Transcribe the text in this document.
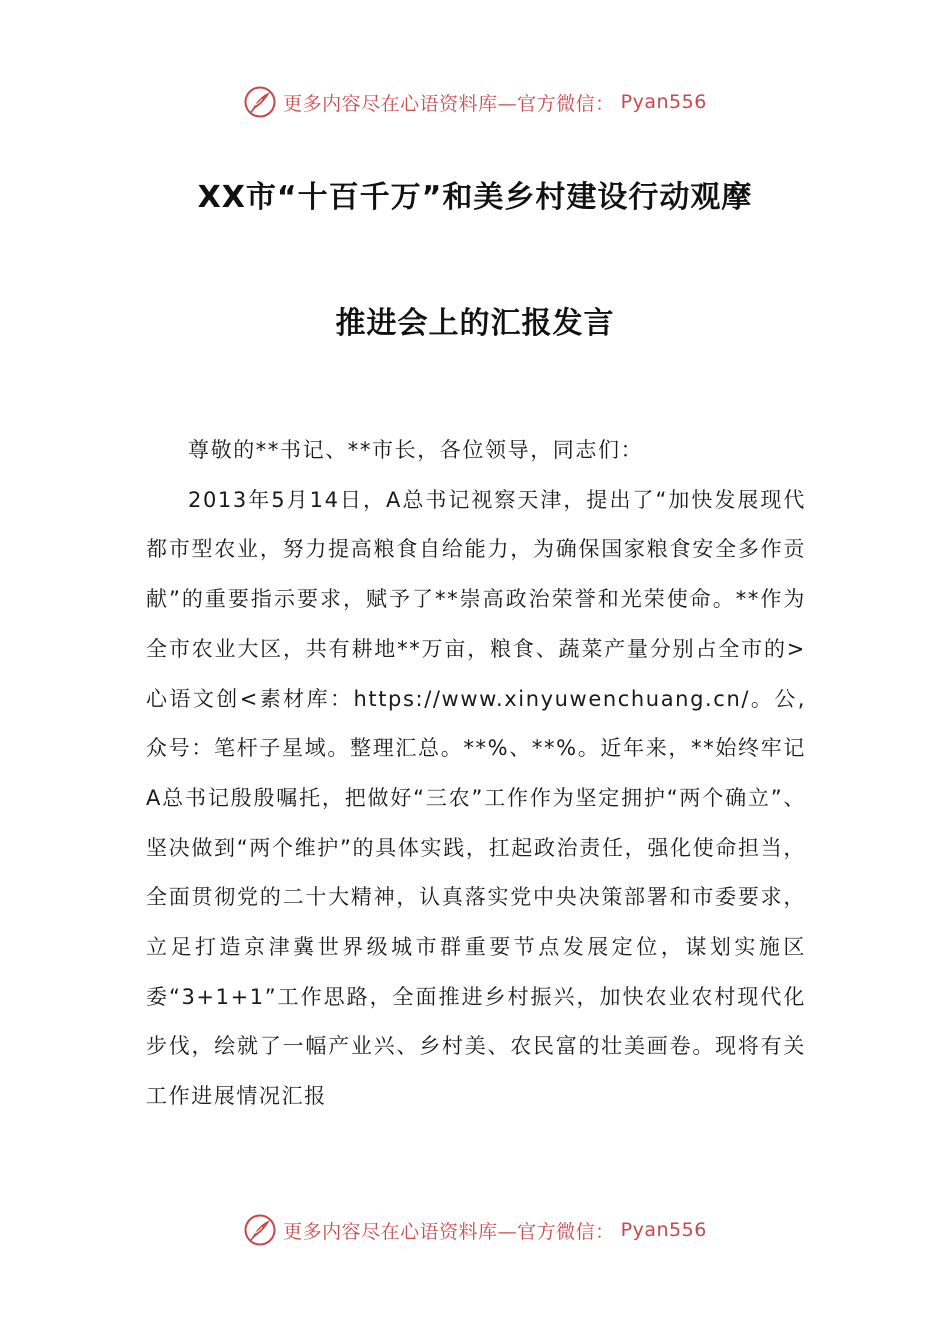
更多内容尽在心语资料库—官方微信： Pyan556
XX市“十百千万”和美乡村建设行动观摩
推进会上的汇报发言

尊敬的**书记、**市长，各位领导，同志们：

2013年5月14日，A总书记视察天津，提出了“加快发展现代都市型农业，努力提高粮食自给能力，为确保国家粮食安全多作贡献”的重要指示要求，赋予了**崇高政治荣誉和光荣使命。**作为全市农业大区，共有耕地**万亩，粮食、蔬菜产量分别占全市的>心语文创<素材库：https://www.xinyuwenchuang.cn/。公,众号：笔杆子星域。整理汇总。**%、**%。近年来，**始终牢记A总书记殷殷嘱托，把做好“三农”工作作为坚定拥护“两个确立”、坚决做到“两个维护”的具体实践，扛起政治责任，强化使命担当，全面贯彻党的二十大精神，认真落实党中央决策部署和市委要求，立足打造京津冀世界级城市群重要节点发展定位，谋划实施区委“3+1+1”工作思路，全面推进乡村振兴，加快农业农村现代化步伐，绘就了一幅产业兴、乡村美、农民富的壮美画卷。现将有关工作进展情况汇报

更多内容尽在心语资料库—官方微信： Pyan556
